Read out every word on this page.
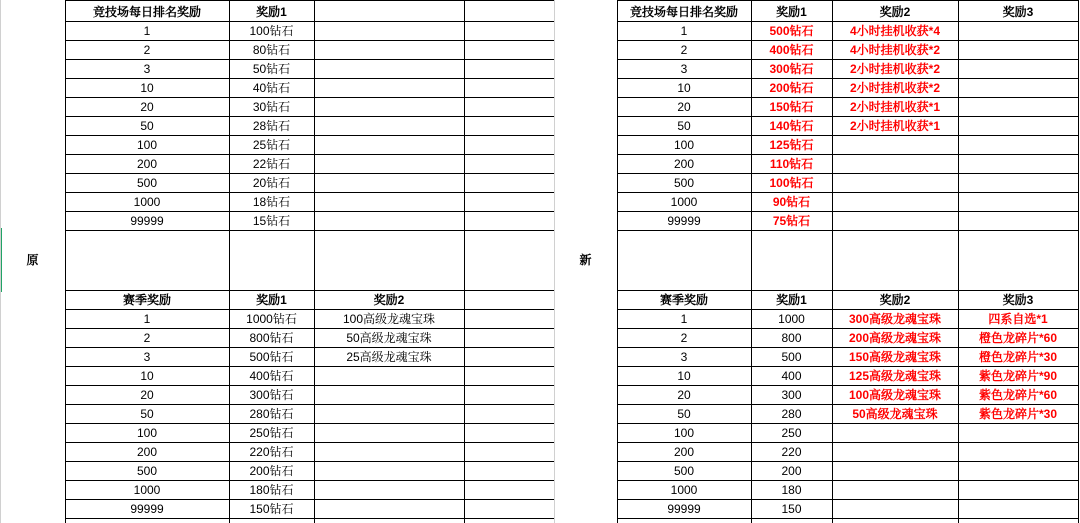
原
竞技场每日排名奖励	奖励1
1	100钻石
2	80钻石
3	50钻石
10	40钻石
20	30钻石
50	28钻石
100	25钻石
200	22钻石
500	20钻石
1000	18钻石
99999	15钻石
赛季奖励	奖励1	奖励2
1	1000钻石	100高级龙魂宝珠
2	800钻石	50高级龙魂宝珠
3	500钻石	25高级龙魂宝珠
10	400钻石
20	300钻石
50	280钻石
100	250钻石
200	220钻石
500	200钻石
1000	180钻石
99999	150钻石
新
竞技场每日排名奖励	奖励1	奖励2	奖励3
1	500钻石	4小时挂机收获*4
2	400钻石	4小时挂机收获*2
3	300钻石	2小时挂机收获*2
10	200钻石	2小时挂机收获*2
20	150钻石	2小时挂机收获*1
50	140钻石	2小时挂机收获*1
100	125钻石
200	110钻石
500	100钻石
1000	90钻石
99999	75钻石
赛季奖励	奖励1	奖励2	奖励3
1	1000	300高级龙魂宝珠	四系自选*1
2	800	200高级龙魂宝珠	橙色龙碎片*60
3	500	150高级龙魂宝珠	橙色龙碎片*30
10	400	125高级龙魂宝珠	紫色龙碎片*90
20	300	100高级龙魂宝珠	紫色龙碎片*60
50	280	50高级龙魂宝珠	紫色龙碎片*30
100	250
200	220
500	200
1000	180
99999	150
